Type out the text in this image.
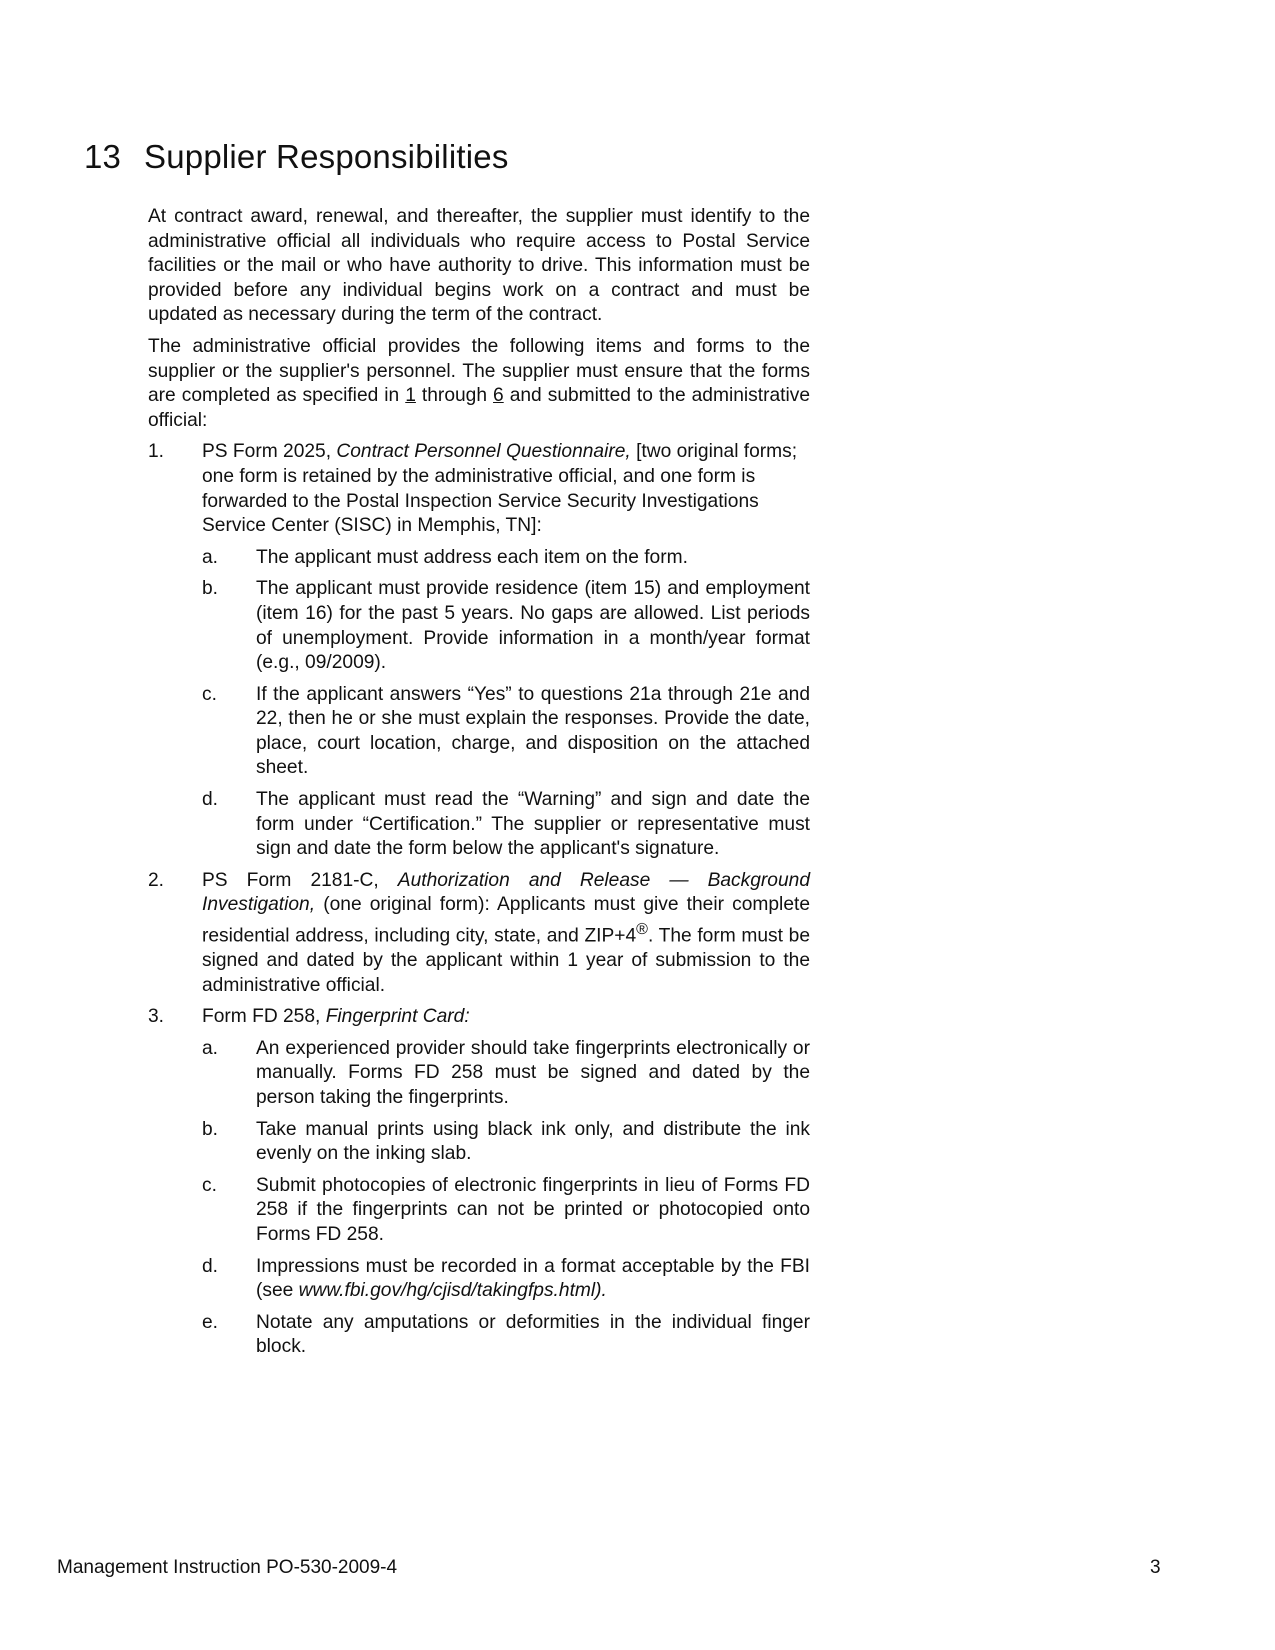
13 Supplier Responsibilities

At contract award, renewal, and thereafter, the supplier must identify to the administrative official all individuals who require access to Postal Service facilities or the mail or who have authority to drive. This information must be provided before any individual begins work on a contract and must be updated as necessary during the term of the contract.

The administrative official provides the following items and forms to the supplier or the supplier's personnel. The supplier must ensure that the forms are completed as specified in 1 through 6 and submitted to the administrative official:

1. PS Form 2025, Contract Personnel Questionnaire, [two original forms; one form is retained by the administrative official, and one form is forwarded to the Postal Inspection Service Security Investigations Service Center (SISC) in Memphis, TN]:
a. The applicant must address each item on the form.
b. The applicant must provide residence (item 15) and employment (item 16) for the past 5 years. No gaps are allowed. List periods of unemployment. Provide information in a month/year format (e.g., 09/2009).
c. If the applicant answers “Yes” to questions 21a through 21e and 22, then he or she must explain the responses. Provide the date, place, court location, charge, and disposition on the attached sheet.
d. The applicant must read the “Warning” and sign and date the form under “Certification.” The supplier or representative must sign and date the form below the applicant's signature.
2. PS Form 2181-C, Authorization and Release — Background Investigation, (one original form): Applicants must give their complete residential address, including city, state, and ZIP+4®. The form must be signed and dated by the applicant within 1 year of submission to the administrative official.
3. Form FD 258, Fingerprint Card:
a. An experienced provider should take fingerprints electronically or manually. Forms FD 258 must be signed and dated by the person taking the fingerprints.
b. Take manual prints using black ink only, and distribute the ink evenly on the inking slab.
c. Submit photocopies of electronic fingerprints in lieu of Forms FD 258 if the fingerprints can not be printed or photocopied onto Forms FD 258.
d. Impressions must be recorded in a format acceptable by the FBI (see www.fbi.gov/hg/cjisd/takingfps.html).
e. Notate any amputations or deformities in the individual finger block.
Management Instruction PO-530-2009-4	3
